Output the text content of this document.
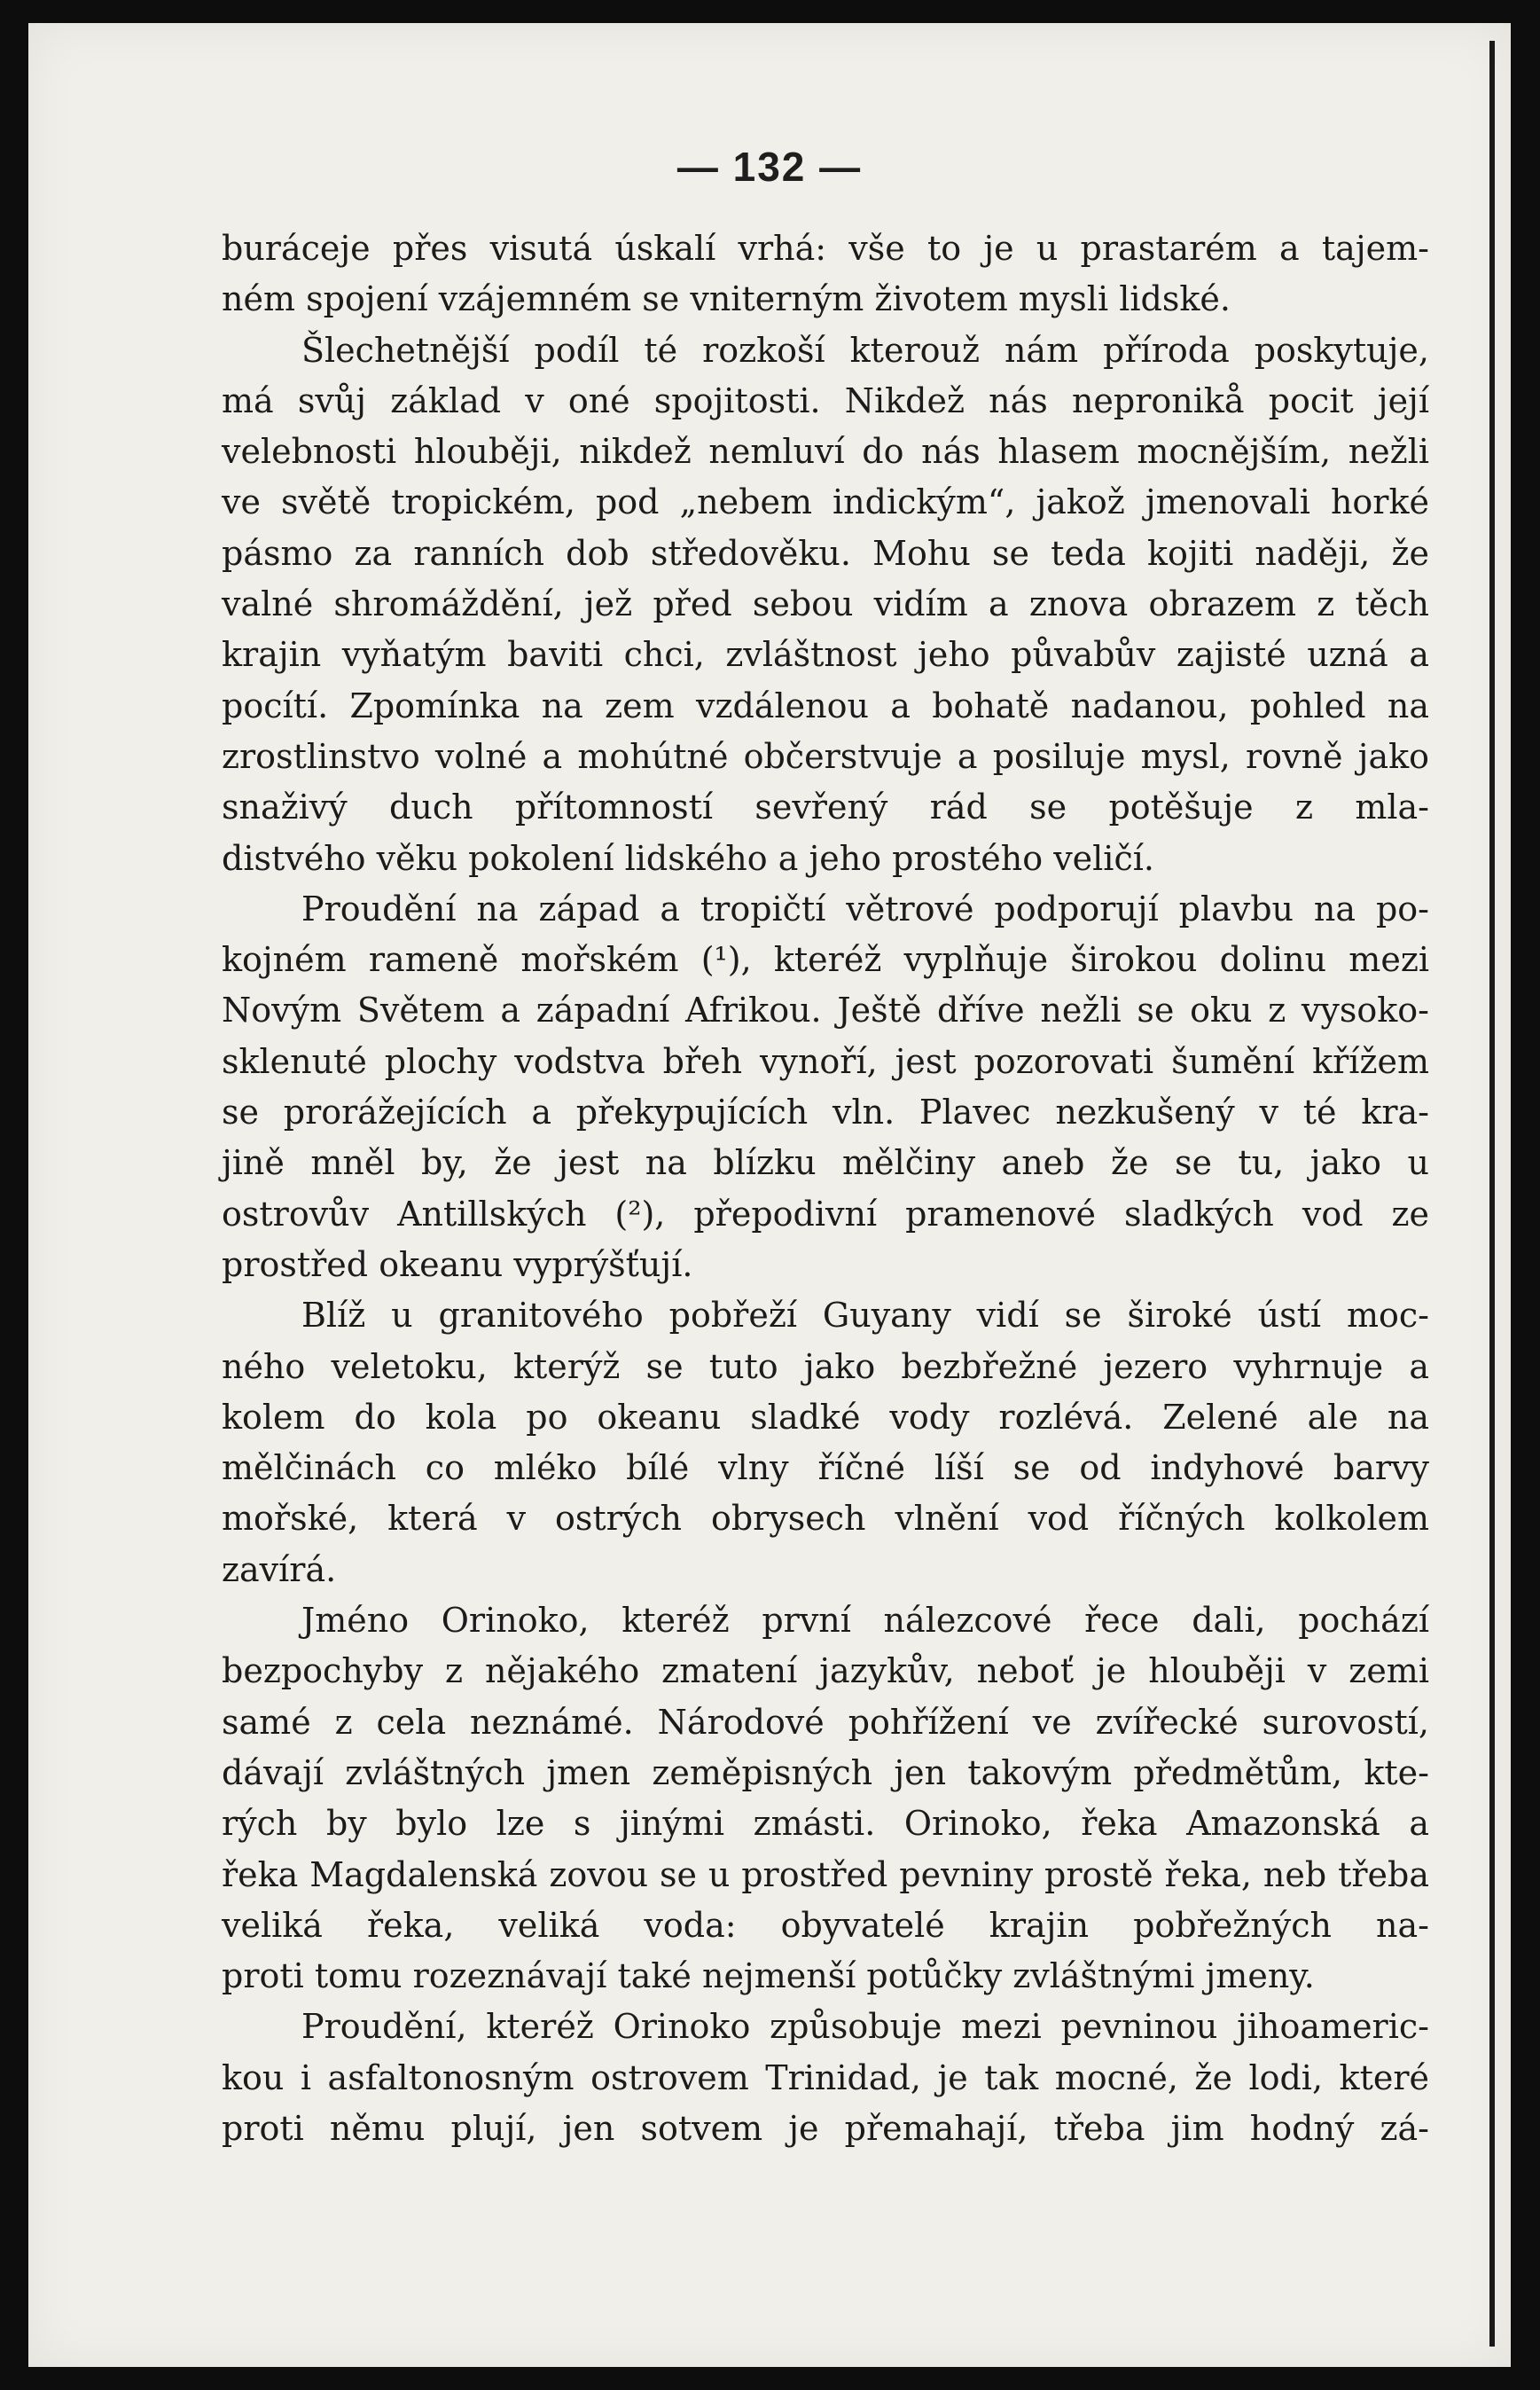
— 132 —
buráceje přes visutá úskalí vrhá: vše to je u prastarém a tajem-
ném spojení vzájemném se vniterným životem mysli lidské.
Šlechetnější podíl té rozkoší kterouž nám příroda poskytuje,
má svůj základ v oné spojitosti. Nikdež nás nepronikå pocit její
velebnosti hlouběji, nikdež nemluví do nás hlasem mocnějším, nežli
ve světě tropickém, pod „nebem indickým“, jakož jmenovali horké
pásmo za ranních dob středověku. Mohu se teda kojiti naději, že
valné shromáždění, jež před sebou vidím a znova obrazem z těch
krajin vyňatým baviti chci, zvláštnost jeho půvabův zajisté uzná a
pocítí. Zpomínka na zem vzdálenou a bohatě nadanou, pohled na
zrostlinstvo volné a mohútné občerstvuje a posiluje mysl, rovně jako
snaživý duch přítomností sevřený rád se potěšuje z mla-
distvého věku pokolení lidského a jeho prostého veličí.
Proudění na západ a tropičtí větrové podporují plavbu na po-
kojném rameně mořském (¹), kteréž vyplňuje širokou dolinu mezi
Novým Světem a západní Afrikou. Ještě dříve nežli se oku z vysoko-
sklenuté plochy vodstva břeh vynoří, jest pozorovati šumění křížem
se prorážejících a překypujících vln. Plavec nezkušený v té kra-
jině mněl by, že jest na blízku mělčiny aneb že se tu, jako u
ostrovův Antillských (²), přepodivní pramenové sladkých vod ze
prostřed okeanu vyprýšťují.
Blíž u granitového pobřeží Guyany vidí se široké ústí moc-
ného veletoku, kterýž se tuto jako bezbřežné jezero vyhrnuje a
kolem do kola po okeanu sladké vody rozlévá. Zelené ale na
mělčinách co mléko bílé vlny říčné líší se od indyhové barvy
mořské, která v ostrých obrysech vlnění vod říčných kolkolem
zavírá.
Jméno Orinoko, kteréž první nálezcové řece dali, pochází
bezpochyby z nějakého zmatení jazykův, neboť je hlouběji v zemi
samé z cela neznámé. Národové pohřížení ve zvířecké surovostí,
dávají zvláštných jmen zeměpisných jen takovým předmětům, kte-
rých by bylo lze s jinými zmásti. Orinoko, řeka Amazonská a
řeka Magdalenská zovou se u prostřed pevniny prostě řeka, neb třeba
veliká řeka, veliká voda: obyvatelé krajin pobřežných na-
proti tomu rozeznávají také nejmenší potůčky zvláštnými jmeny.
Proudění, kteréž Orinoko způsobuje mezi pevninou jihoameric-
kou i asfaltonosným ostrovem Trinidad, je tak mocné, že lodi, které
proti němu plují, jen sotvem je přemahají, třeba jim hodný zá-
